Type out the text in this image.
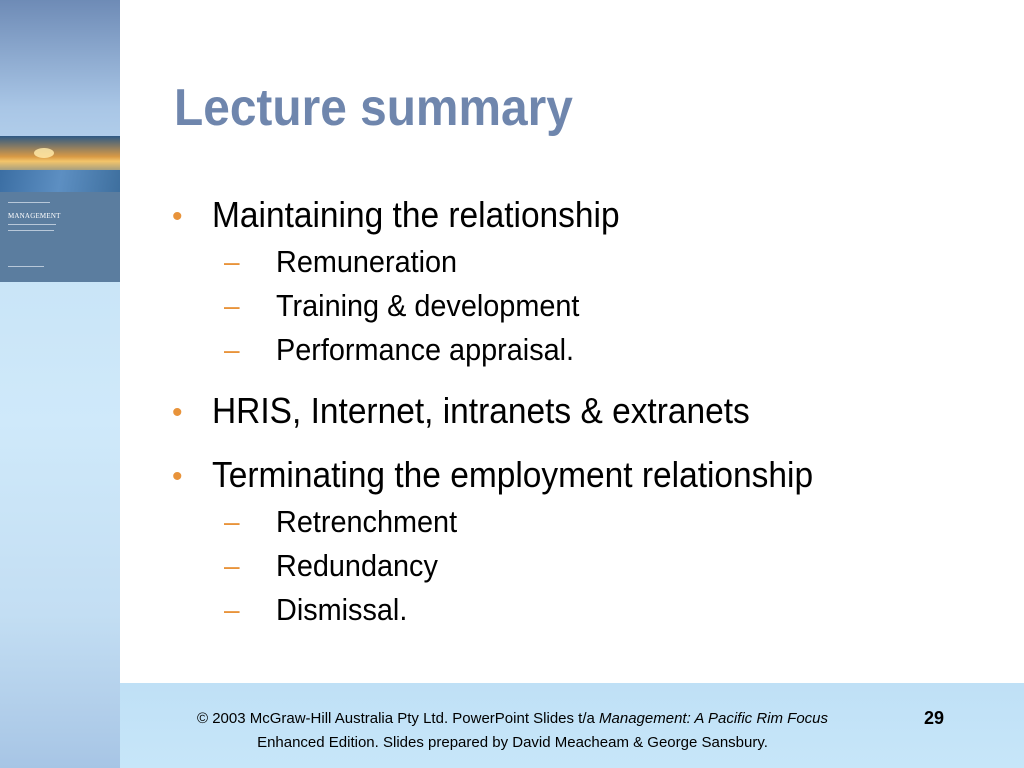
MANAGEMENT
Lecture summary
• Maintaining the relationship
– Remuneration
– Training & development
– Performance appraisal.
• HRIS, Internet, intranets & extranets
• Terminating the employment relationship
– Retrenchment
– Redundancy
– Dismissal.
© 2003 McGraw-Hill Australia Pty Ltd. PowerPoint Slides t/a Management: A Pacific Rim Focus
Enhanced Edition. Slides prepared by David Meacheam & George Sansbury.
29
